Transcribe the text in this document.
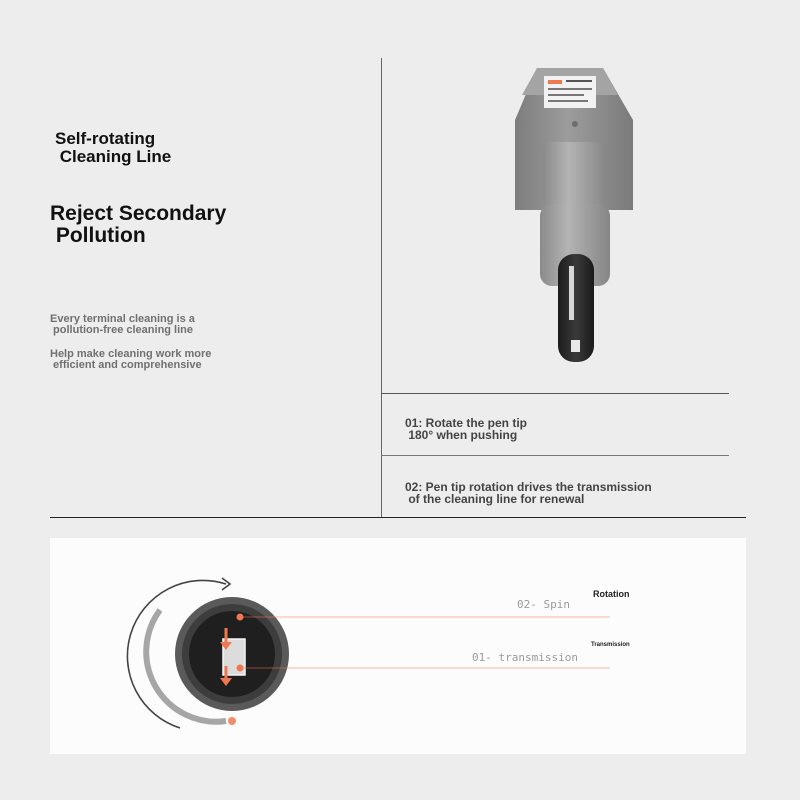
Self-rotating
Cleaning Line
Reject Secondary
Pollution
Every terminal cleaning is a
pollution-free cleaning line
Help make cleaning work more
efficient and comprehensive
01: Rotate the pen tip
180° when pushing
02: Pen tip rotation drives the transmission
of the cleaning line for renewal
02- Spin
01- transmission
Rotation
Transmission
